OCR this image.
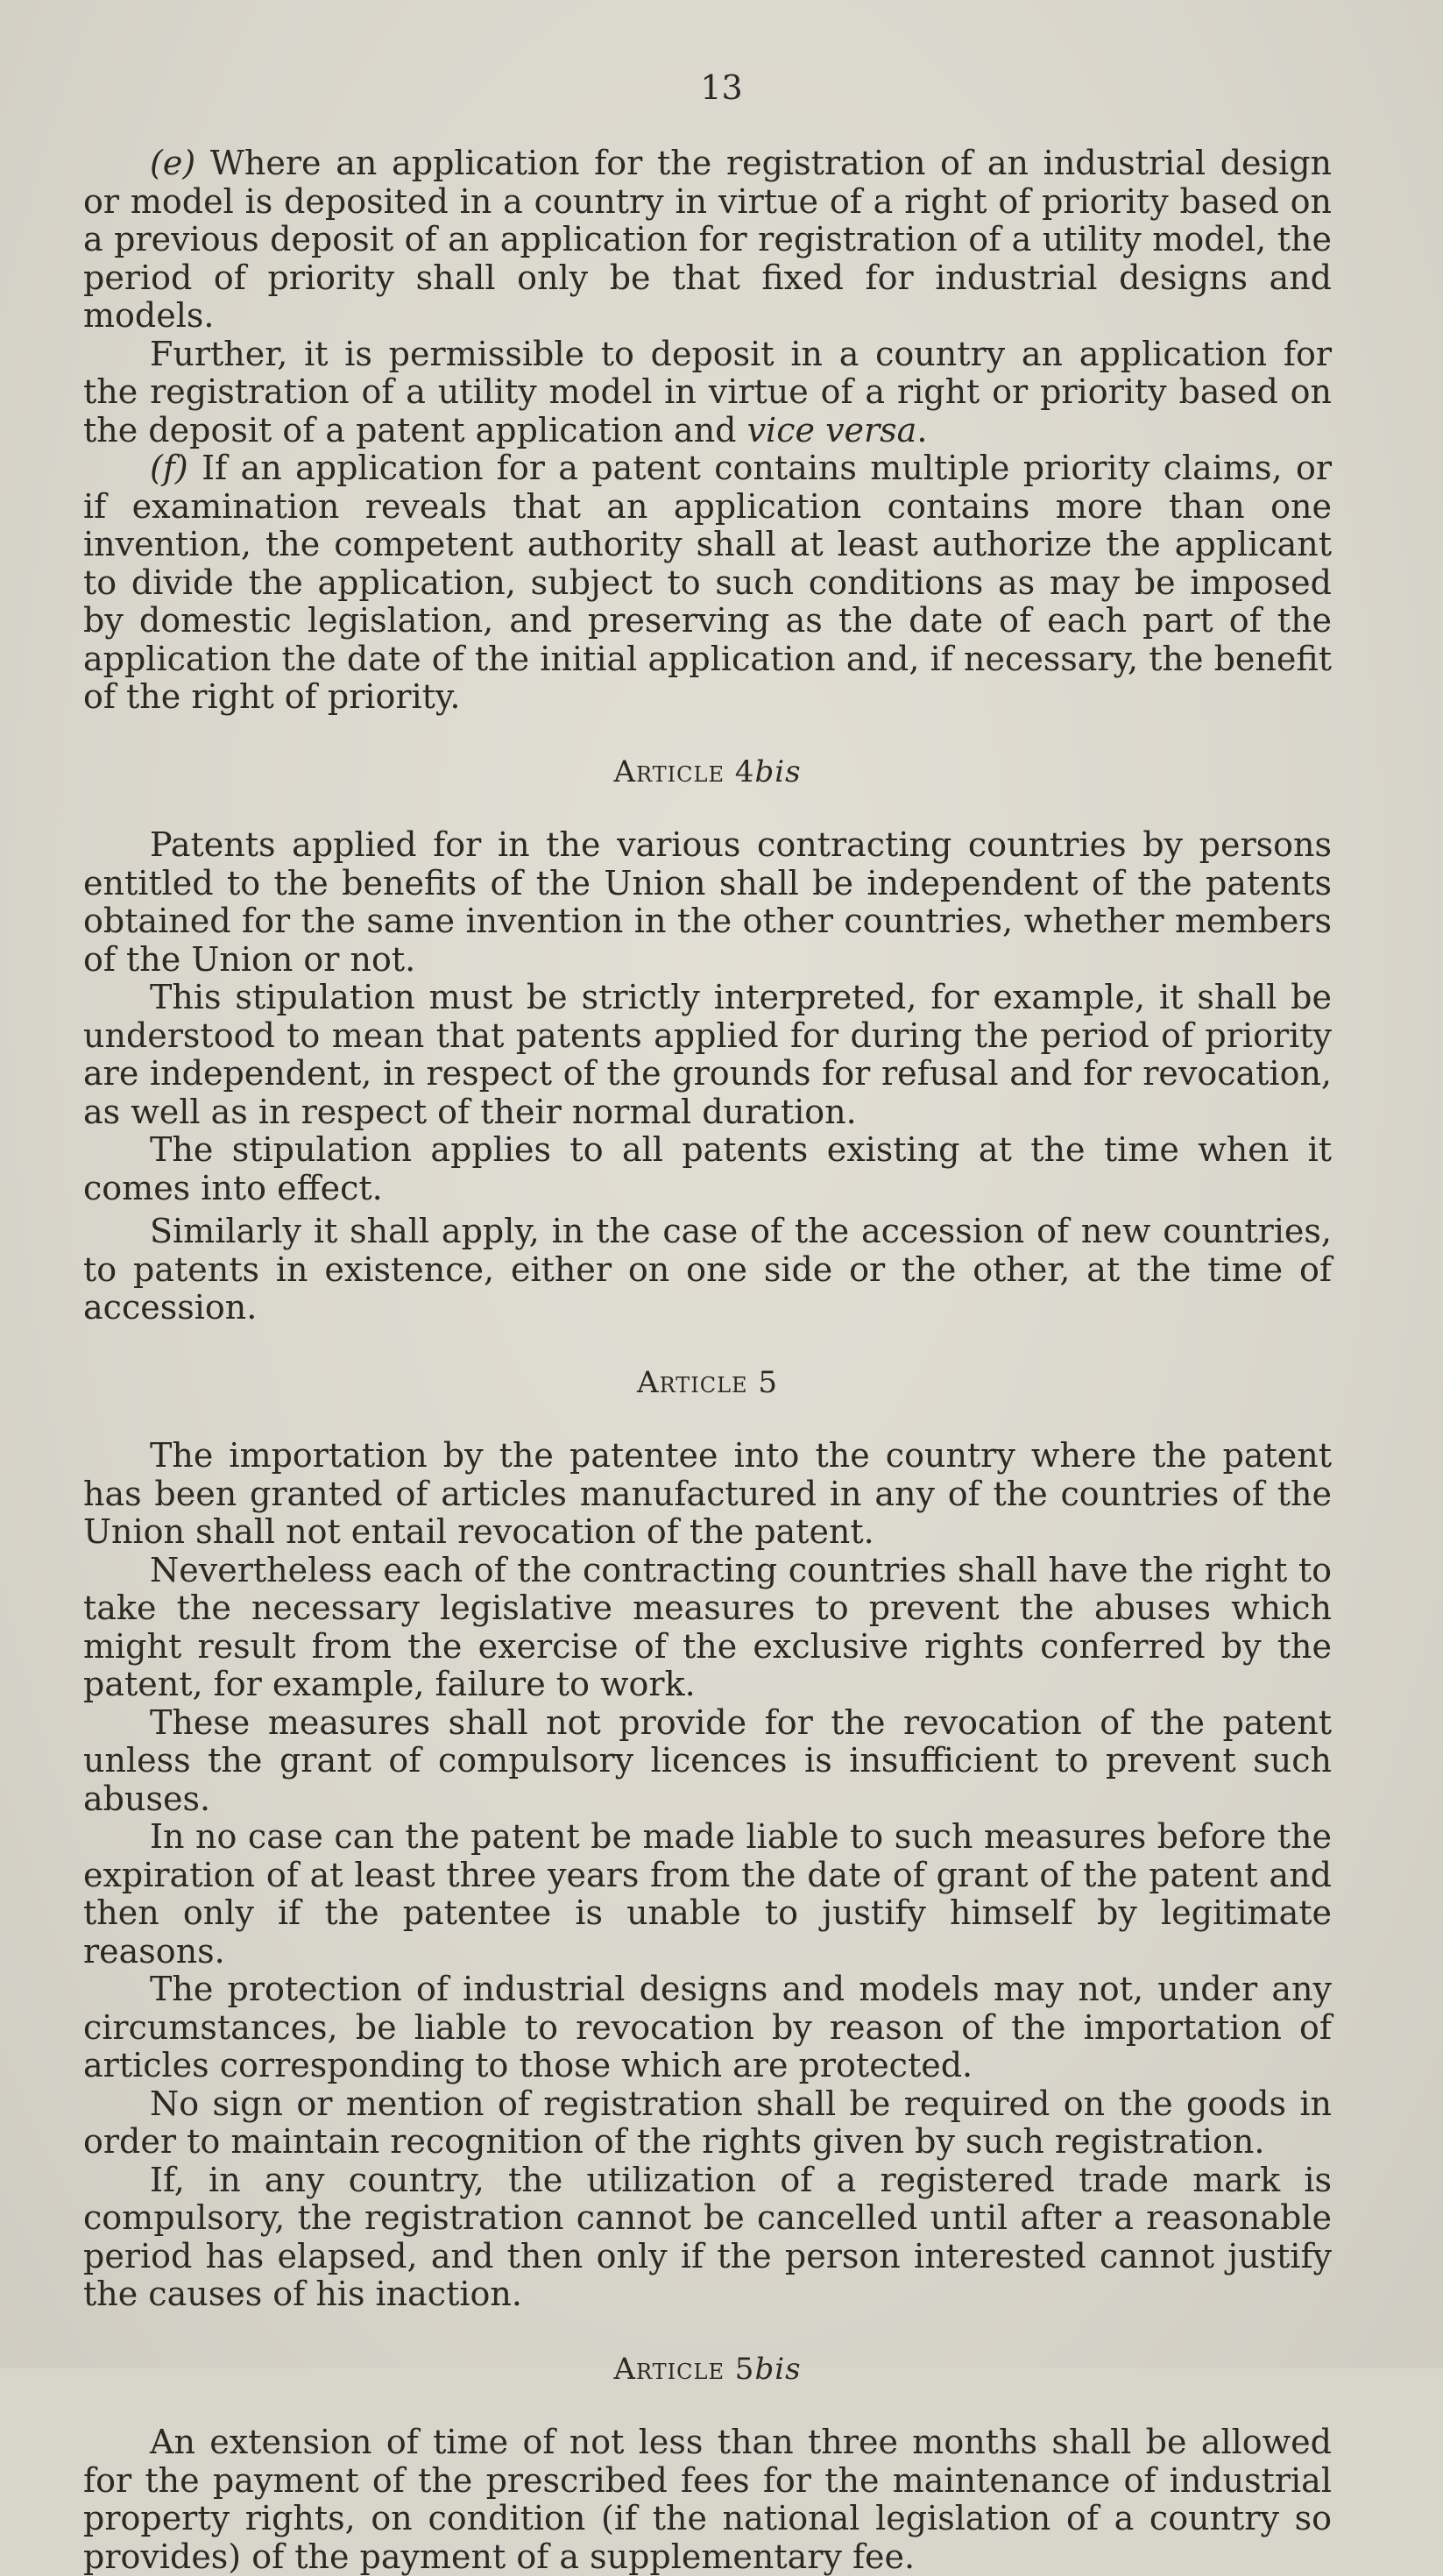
13

(e) Where an application for the registration of an industrial design or model is deposited in a country in virtue of a right of priority based on a previous deposit of an application for registration of a utility model, the period of priority shall only be that fixed for industrial designs and models.

Further, it is permissible to deposit in a country an application for the registration of a utility model in virtue of a right or priority based on the deposit of a patent application and vice versa.

(f) If an application for a patent contains multiple priority claims, or if examination reveals that an application contains more than one invention, the competent authority shall at least authorize the applicant to divide the application, subject to such conditions as may be imposed by domestic legislation, and preserving as the date of each part of the application the date of the initial application and, if necessary, the benefit of the right of priority.

Article 4bis

Patents applied for in the various contracting countries by persons entitled to the benefits of the Union shall be independent of the patents obtained for the same invention in the other countries, whether members of the Union or not.

This stipulation must be strictly interpreted, for example, it shall be understood to mean that patents applied for during the period of priority are independent, in respect of the grounds for refusal and for revocation, as well as in respect of their normal duration.

The stipulation applies to all patents existing at the time when it comes into effect.

Similarly it shall apply, in the case of the accession of new countries, to patents in existence, either on one side or the other, at the time of accession.

Article 5

The importation by the patentee into the country where the patent has been granted of articles manufactured in any of the countries of the Union shall not entail revocation of the patent.

Nevertheless each of the contracting countries shall have the right to take the necessary legislative measures to prevent the abuses which might result from the exercise of the exclusive rights conferred by the patent, for example, failure to work.

These measures shall not provide for the revocation of the patent unless the grant of compulsory licences is insufficient to prevent such abuses.

In no case can the patent be made liable to such measures before the expiration of at least three years from the date of grant of the patent and then only if the patentee is unable to justify himself by legitimate reasons.

The protection of industrial designs and models may not, under any circumstances, be liable to revocation by reason of the importation of articles corresponding to those which are protected.

No sign or mention of registration shall be required on the goods in order to maintain recognition of the rights given by such registration.

If, in any country, the utilization of a registered trade mark is compulsory, the registration cannot be cancelled until after a reasonable period has elapsed, and then only if the person interested cannot justify the causes of his inaction.

Article 5bis

An extension of time of not less than three months shall be allowed for the payment of the prescribed fees for the maintenance of industrial property rights, on condition (if the national legislation of a country so provides) of the payment of a supplementary fee.
